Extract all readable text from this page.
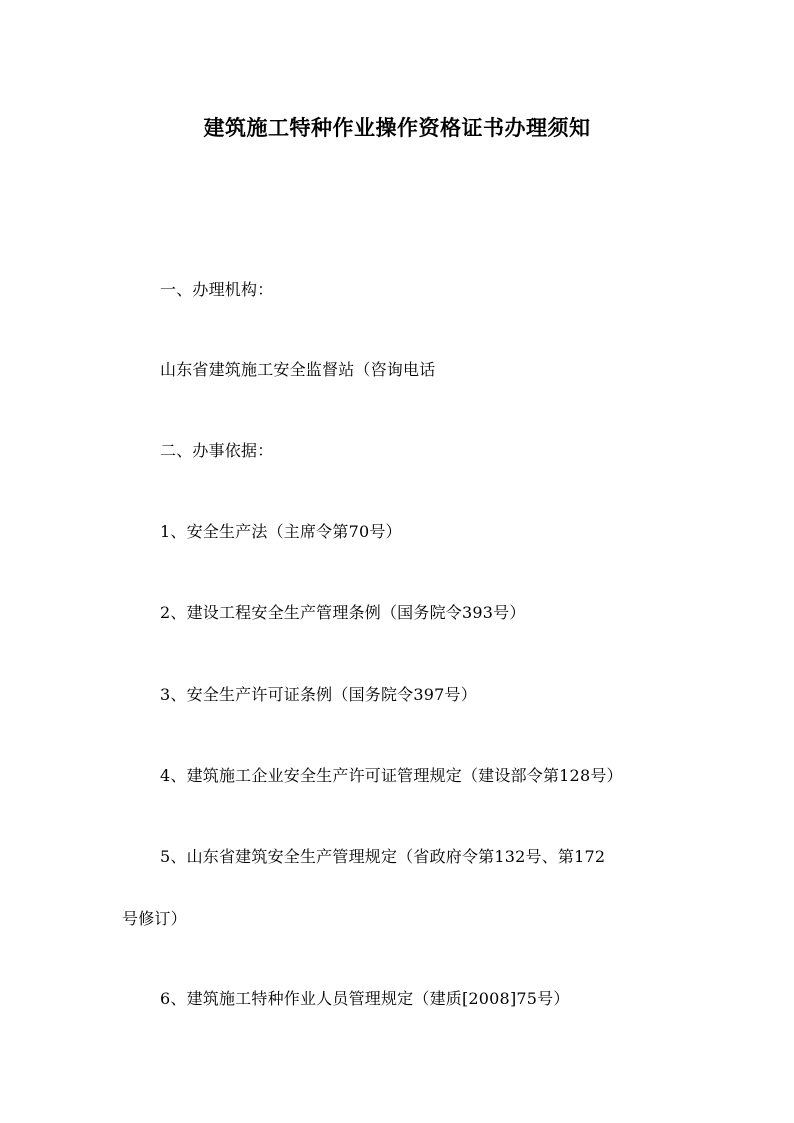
建筑施工特种作业操作资格证书办理须知
一、办理机构：
山东省建筑施工安全监督站（咨询电话
二、办事依据：
1、安全生产法（主席令第70号）
2、建设工程安全生产管理条例（国务院令393号）
3、安全生产许可证条例（国务院令397号）
4、建筑施工企业安全生产许可证管理规定（建设部令第128号）
5、山东省建筑安全生产管理规定（省政府令第132号、第172
号修订）
6、建筑施工特种作业人员管理规定（建质[2008]75号）
